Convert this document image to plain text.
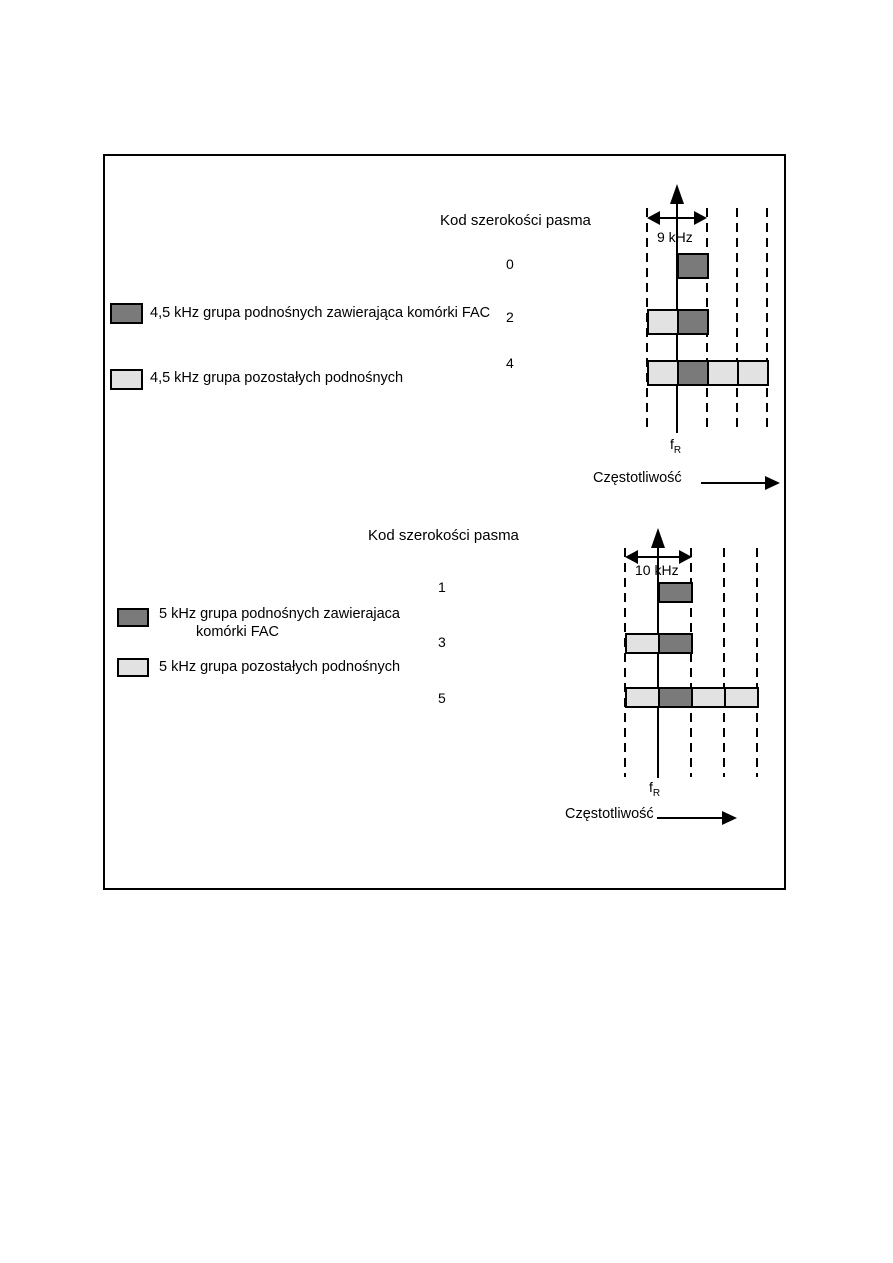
Kod szerokości pasma
4,5 kHz grupa podnośnych zawierająca komórki FAC
4,5 kHz grupa pozostałych podnośnych
9 kHz
$f_R$
Częstotliwość
Kod szerokości pasma
5 kHz grupa podnośnych zawierajaca
komórki FAC
5 kHz grupa pozostałych podnośnych
10 kHz
$f_R$
Częstotliwość
0
2
4
1
3
5
